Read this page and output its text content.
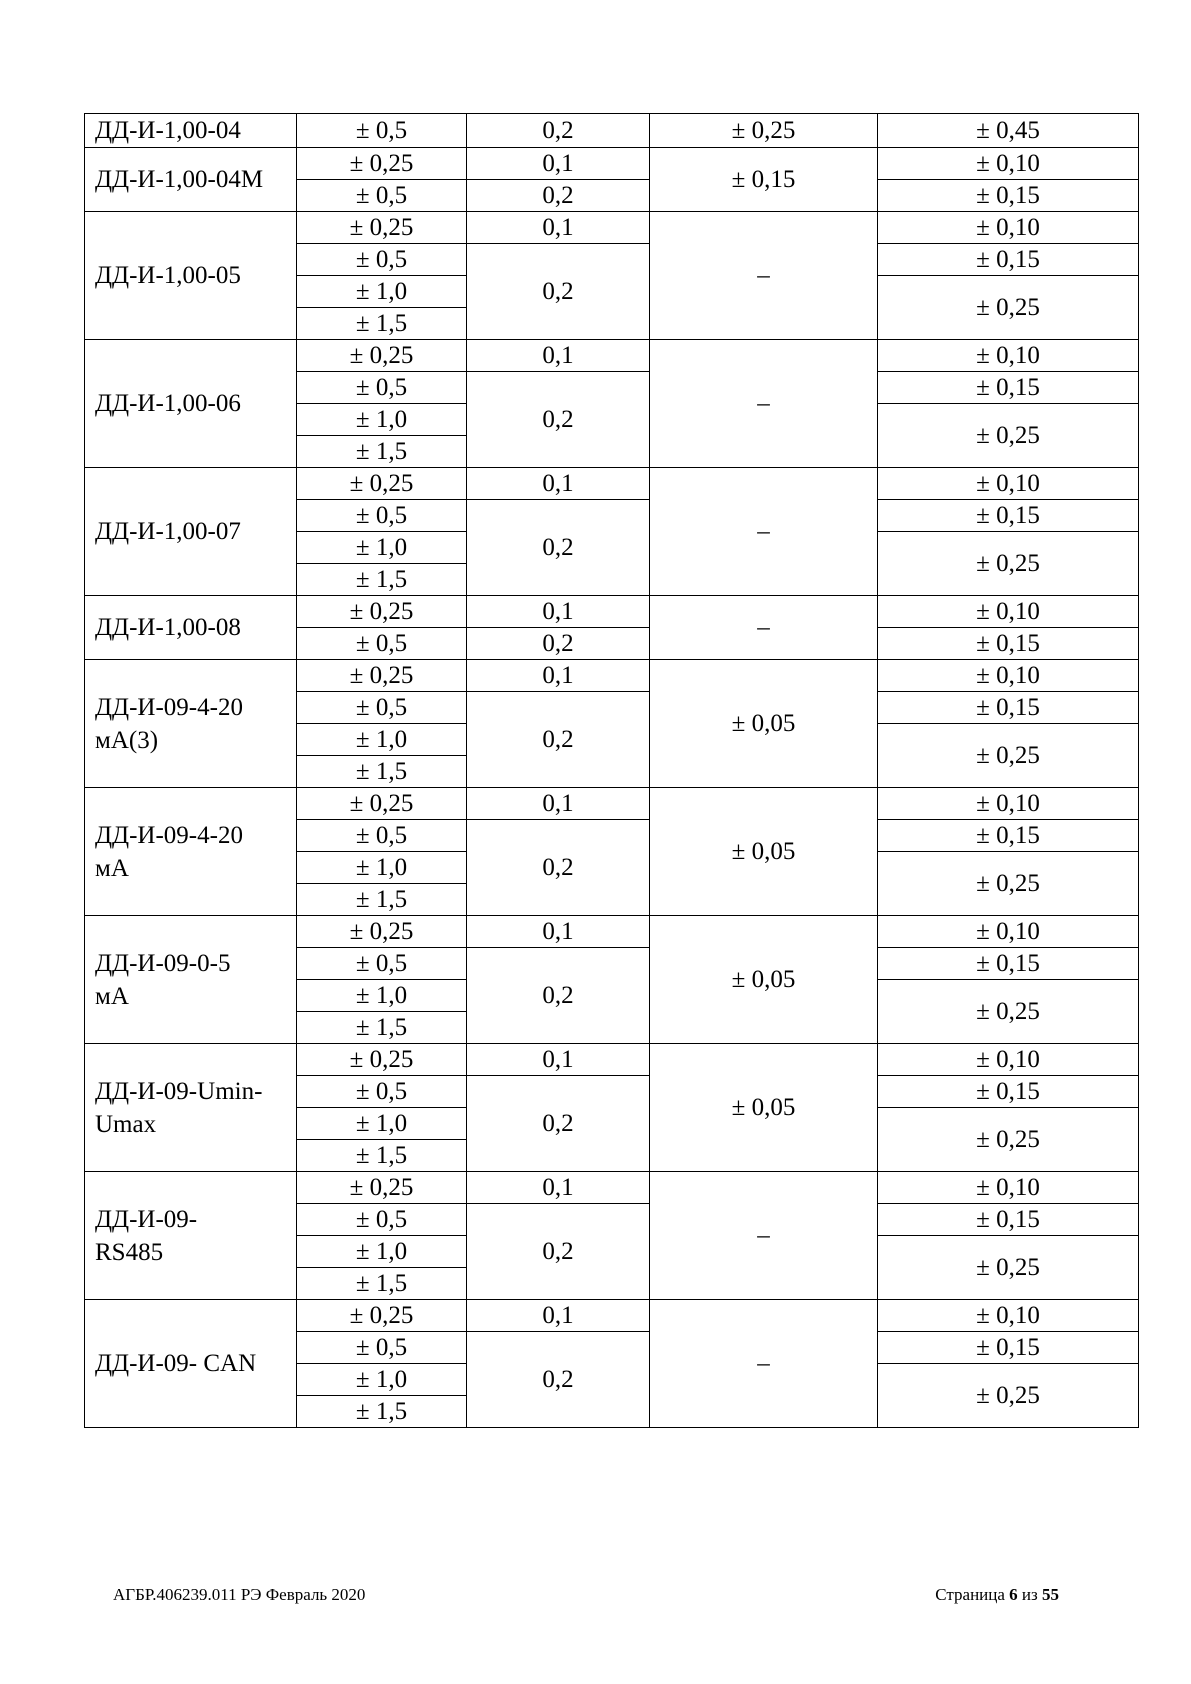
ДД-И-1,00-04	± 0,5	0,2	± 0,25	± 0,45
ДД-И-1,00-04М	± 0,25	0,1	± 0,15	± 0,10
	± 0,5	0,2		± 0,15
ДД-И-1,00-05	± 0,25	0,1	–	± 0,10
	± 0,5	0,2		± 0,15
	± 1,0			± 0,25
	± 1,5			
ДД-И-1,00-06	± 0,25	0,1	–	± 0,10
	± 0,5	0,2		± 0,15
	± 1,0			± 0,25
	± 1,5			
ДД-И-1,00-07	± 0,25	0,1	–	± 0,10
	± 0,5	0,2		± 0,15
	± 1,0			± 0,25
	± 1,5			
ДД-И-1,00-08	± 0,25	0,1	–	± 0,10
	± 0,5	0,2		± 0,15
ДД-И-09-4-20
мА(3)	± 0,25	0,1	± 0,05	± 0,10
	± 0,5	0,2		± 0,15
	± 1,0			± 0,25
	± 1,5			
ДД-И-09-4-20
мА	± 0,25	0,1	± 0,05	± 0,10
	± 0,5	0,2		± 0,15
	± 1,0			± 0,25
	± 1,5			
ДД-И-09-0-5
мА	± 0,25	0,1	± 0,05	± 0,10
	± 0,5	0,2		± 0,15
	± 1,0			± 0,25
	± 1,5			
ДД-И-09-Umin-
Umax	± 0,25	0,1	± 0,05	± 0,10
	± 0,5	0,2		± 0,15
	± 1,0			± 0,25
	± 1,5			
ДД-И-09-
RS485	± 0,25	0,1	–	± 0,10
	± 0,5	0,2		± 0,15
	± 1,0			± 0,25
	± 1,5			
ДД-И-09- CAN	± 0,25	0,1	–	± 0,10
	± 0,5	0,2		± 0,15
	± 1,0			± 0,25
	± 1,5			
АГБР.406239.011 РЭ Февраль 2020	Страница 6 из 55
